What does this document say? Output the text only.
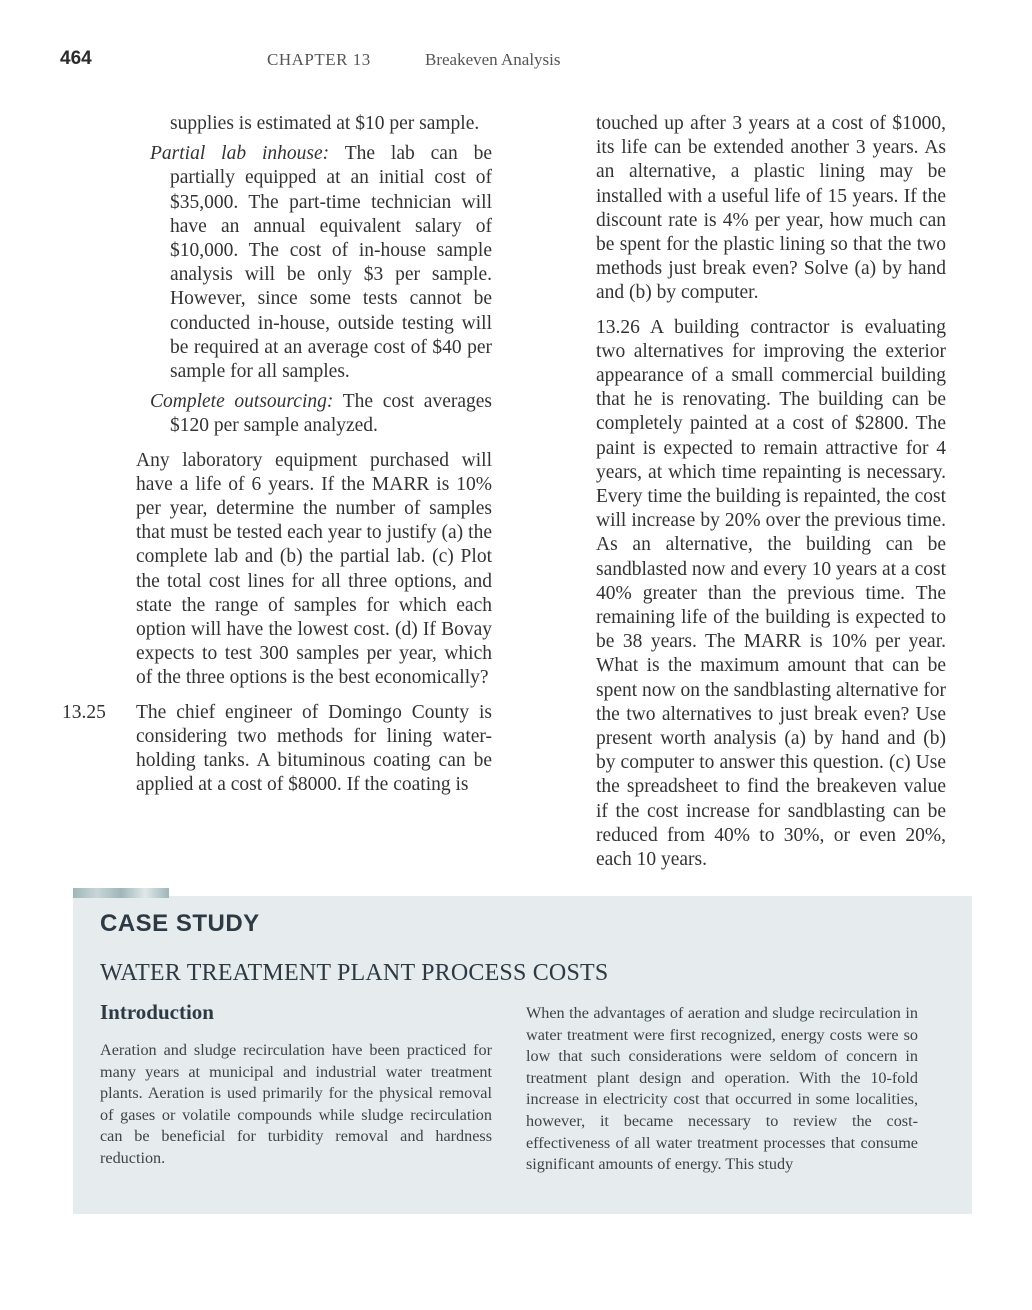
464	CHAPTER 13	Breakeven Analysis

supplies is estimated at $10 per sample.

Partial lab inhouse: The lab can be partially equipped at an initial cost of $35,000. The part-time technician will have an annual equivalent salary of $10,000. The cost of in-house sample analysis will be only $3 per sample. However, since some tests cannot be conducted in-house, outside testing will be required at an average cost of $40 per sample for all samples.

Complete outsourcing: The cost averages $120 per sample analyzed.

Any laboratory equipment purchased will have a life of 6 years. If the MARR is 10% per year, determine the number of samples that must be tested each year to justify (a) the complete lab and (b) the partial lab. (c) Plot the total cost lines for all three options, and state the range of samples for which each option will have the lowest cost. (d) If Bovay expects to test 300 samples per year, which of the three options is the best economically?

13.25 The chief engineer of Domingo County is considering two methods for lining water-holding tanks. A bituminous coating can be applied at a cost of $8000. If the coating is

touched up after 3 years at a cost of $1000, its life can be extended another 3 years. As an alternative, a plastic lining may be installed with a useful life of 15 years. If the discount rate is 4% per year, how much can be spent for the plastic lining so that the two methods just break even? Solve (a) by hand and (b) by computer.

13.26 A building contractor is evaluating two alternatives for improving the exterior appearance of a small commercial building that he is renovating. The building can be completely painted at a cost of $2800. The paint is expected to remain attractive for 4 years, at which time repainting is necessary. Every time the building is repainted, the cost will increase by 20% over the previous time. As an alternative, the building can be sandblasted now and every 10 years at a cost 40% greater than the previous time. The remaining life of the building is expected to be 38 years. The MARR is 10% per year. What is the maximum amount that can be spent now on the sandblasting alternative for the two alternatives to just break even? Use present worth analysis (a) by hand and (b) by computer to answer this question. (c) Use the spreadsheet to find the breakeven value if the cost increase for sandblasting can be reduced from 40% to 30%, or even 20%, each 10 years.

CASE STUDY
WATER TREATMENT PLANT PROCESS COSTS
Introduction

Aeration and sludge recirculation have been practiced for many years at municipal and industrial water treatment plants. Aeration is used primarily for the physical removal of gases or volatile compounds while sludge recirculation can be beneficial for turbidity removal and hardness reduction.

When the advantages of aeration and sludge recirculation in water treatment were first recognized, energy costs were so low that such considerations were seldom of concern in treatment plant design and operation. With the 10-fold increase in electricity cost that occurred in some localities, however, it became necessary to review the cost-effectiveness of all water treatment processes that consume significant amounts of energy. This study
